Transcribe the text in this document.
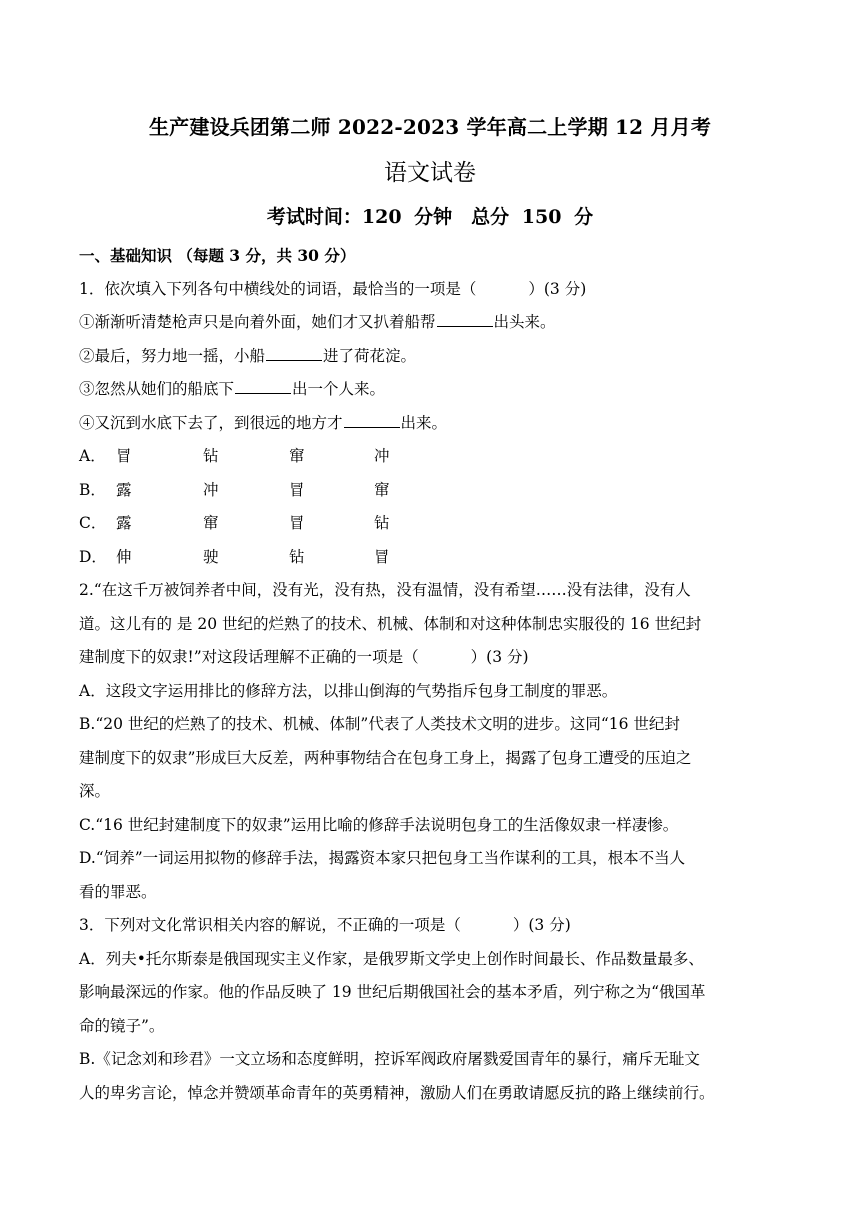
生产建设兵团第二师 2022-2023 学年高二上学期 12 月月考
语文试卷
考试时间：120 分钟　总分 150 分

一、基础知识 （每题 3 分，共 30 分）

1．依次填入下列各句中横线处的词语，最恰当的一项是（	）(3 分)

①渐渐听清楚枪声只是向着外面，她们才又扒着船帮	出头来。

②最后，努力地一摇，小船	进了荷花淀。

③忽然从她们的船底下	出一个人来。

④又沉到水底下去了，到很远的地方才	出来。

A． 冒	钻	窜	冲
B． 露	冲	冒	窜
C． 露	窜	冒	钻
D． 伸	驶	钻	冒

2.“在这千万被饲养者中间，没有光，没有热，没有温情，没有希望……没有法律，没有人

道。这儿有的 是 20 世纪的烂熟了的技术、机械、体制和对这种体制忠实服役的 16 世纪封

建制度下的奴隶!”对这段话理解不正确的一项是（	）(3 分)

A．这段文字运用排比的修辞方法，以排山倒海的气势指斥包身工制度的罪恶。

B.“20 世纪的烂熟了的技术、机械、体制”代表了人类技术文明的进步。这同“16 世纪封

建制度下的奴隶”形成巨大反差，两种事物结合在包身工身上，揭露了包身工遭受的压迫之

深。

C.“16 世纪封建制度下的奴隶”运用比喻的修辞手法说明包身工的生活像奴隶一样凄惨。

D.“饲养”一词运用拟物的修辞手法，揭露资本家只把包身工当作谋利的工具，根本不当人

看的罪恶。

3．下列对文化常识相关内容的解说，不正确的一项是（	）(3 分)

A．列夫•托尔斯泰是俄国现实主义作家，是俄罗斯文学史上创作时间最长、作品数量最多、

影响最深远的作家。他的作品反映了 19 世纪后期俄国社会的基本矛盾，列宁称之为“俄国革

命的镜子”。

B.《记念刘和珍君》一文立场和态度鲜明，控诉军阀政府屠戮爱国青年的暴行，痛斥无耻文

人的卑劣言论，悼念并赞颂革命青年的英勇精神，激励人们在勇敢请愿反抗的路上继续前行。
